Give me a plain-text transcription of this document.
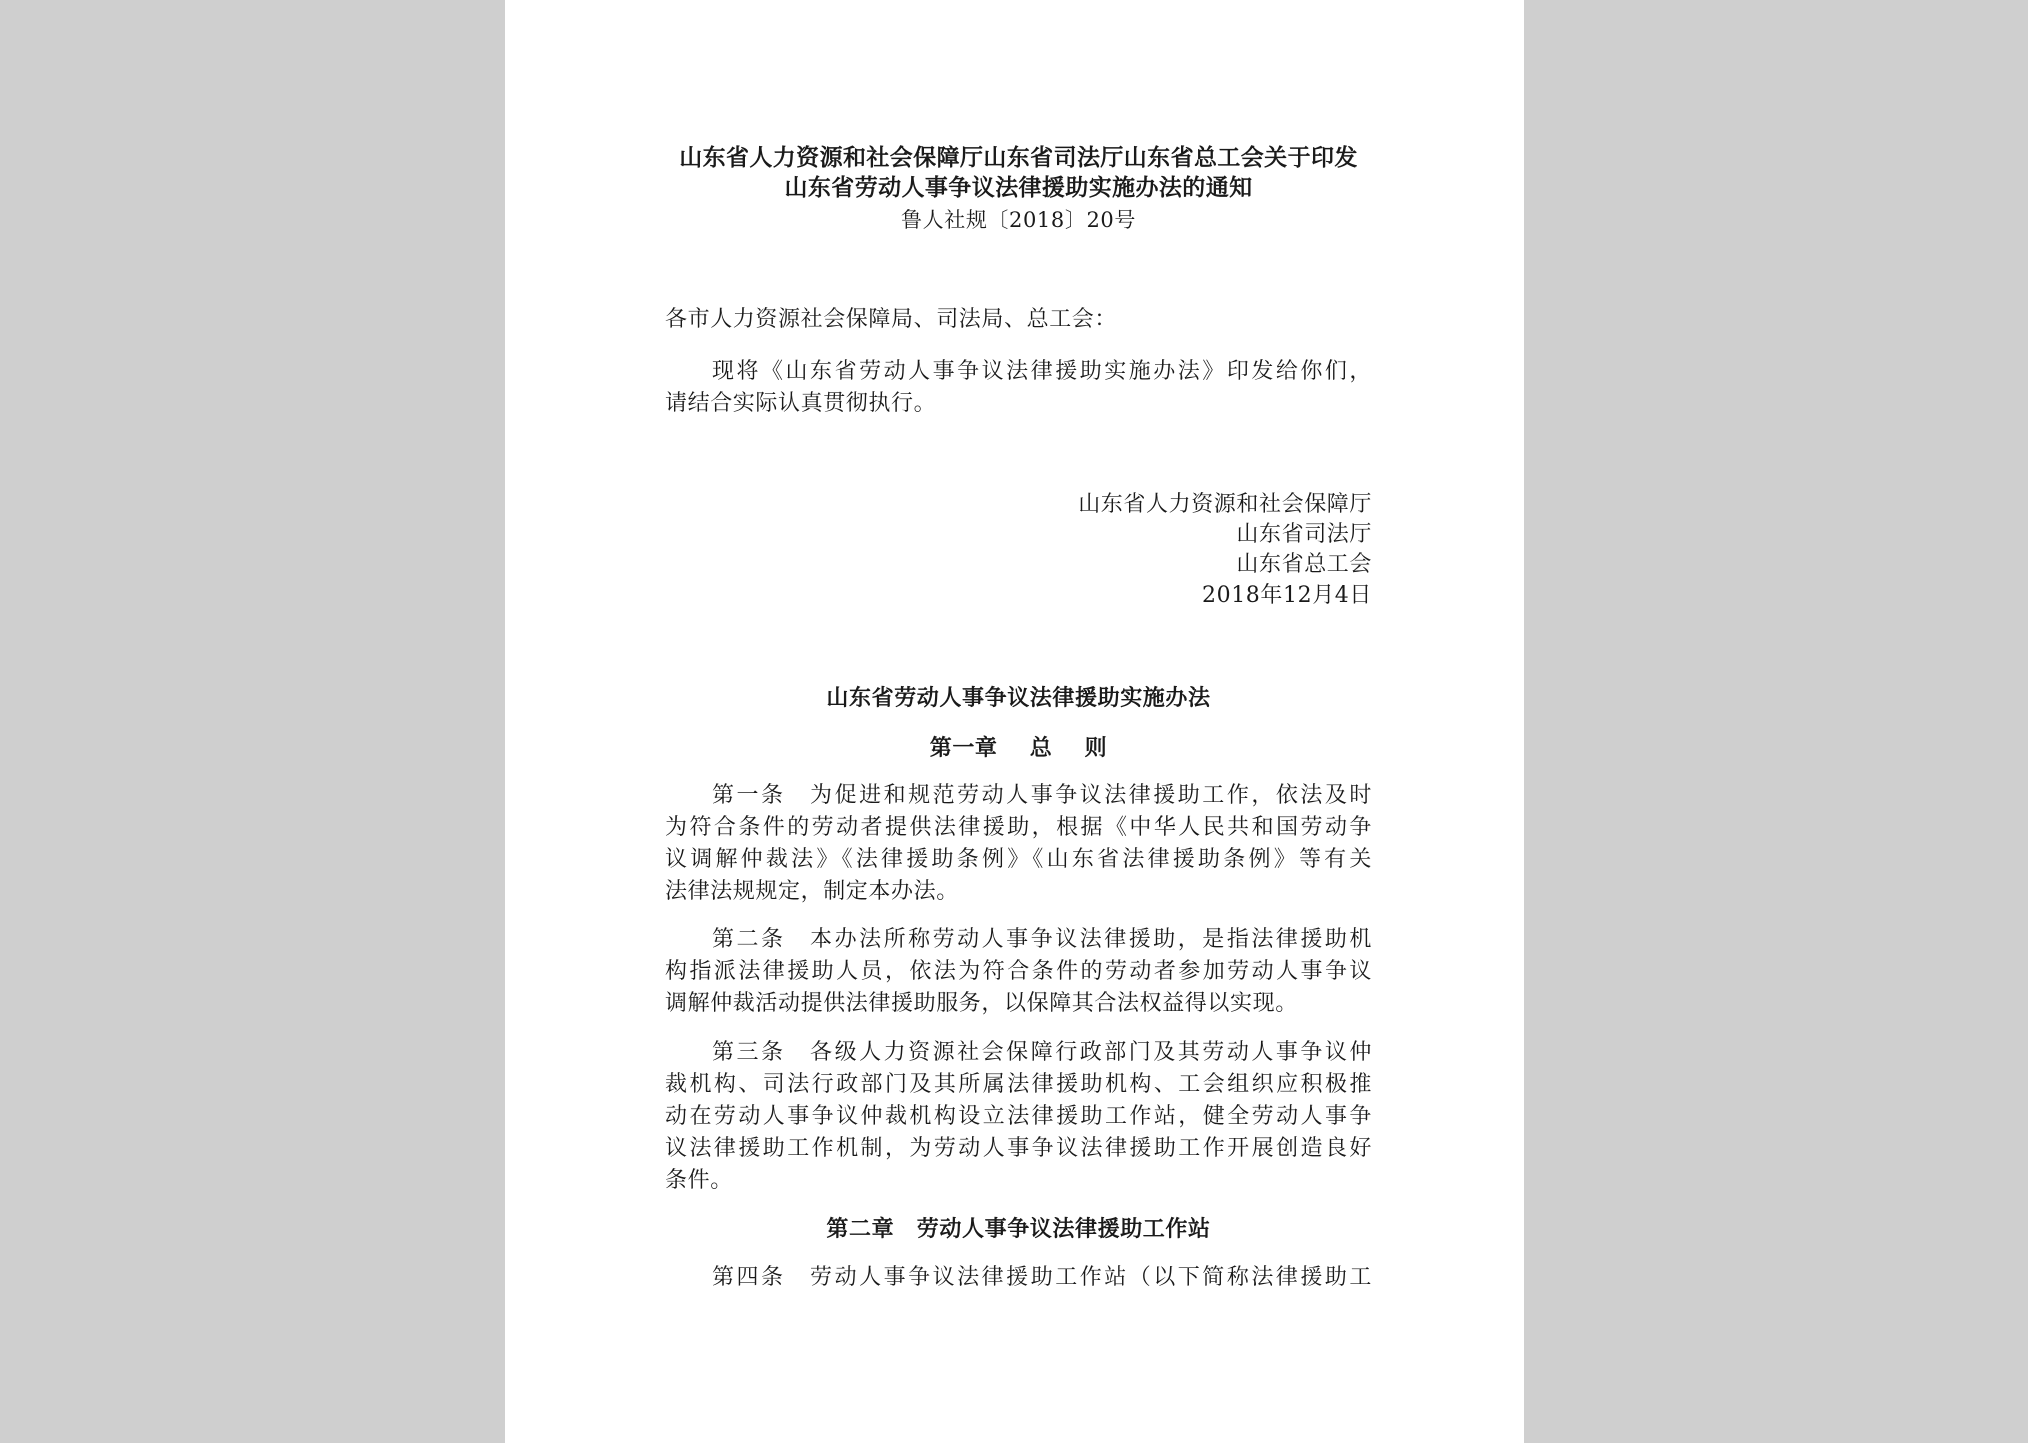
山东省人力资源和社会保障厅山东省司法厅山东省总工会关于印发
山东省劳动人事争议法律援助实施办法的通知
鲁人社规〔2018〕20号
各市人力资源社会保障局、司法局、总工会：
现将《山东省劳动人事争议法律援助实施办法》印发给你们，
请结合实际认真贯彻执行。
山东省人力资源和社会保障厅
山东省司法厅
山东省总工会
2018年12月4日
山东省劳动人事争议法律援助实施办法
第一章 总 则
第一条　为促进和规范劳动人事争议法律援助工作，依法及时
为符合条件的劳动者提供法律援助，根据《中华人民共和国劳动争
议调解仲裁法》《法律援助条例》《山东省法律援助条例》等有关
法律法规规定，制定本办法。
第二条　本办法所称劳动人事争议法律援助，是指法律援助机
构指派法律援助人员，依法为符合条件的劳动者参加劳动人事争议
调解仲裁活动提供法律援助服务，以保障其合法权益得以实现。
第三条　各级人力资源社会保障行政部门及其劳动人事争议仲
裁机构、司法行政部门及其所属法律援助机构、工会组织应积极推
动在劳动人事争议仲裁机构设立法律援助工作站，健全劳动人事争
议法律援助工作机制，为劳动人事争议法律援助工作开展创造良好
条件。
第二章　劳动人事争议法律援助工作站
第四条　劳动人事争议法律援助工作站（以下简称法律援助工
